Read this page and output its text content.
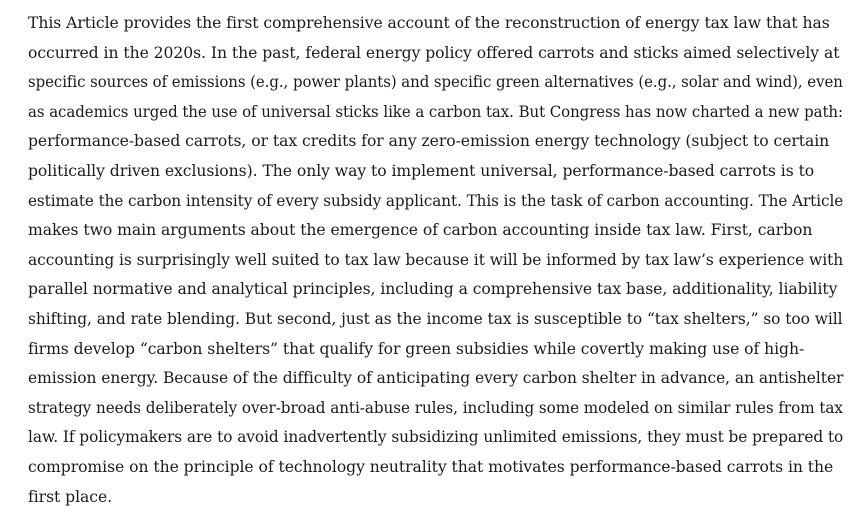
This Article provides the first comprehensive account of the reconstruction of energy tax law that has
occurred in the 2020s. In the past, federal energy policy offered carrots and sticks aimed selectively at
specific sources of emissions (e.g., power plants) and specific green alternatives (e.g., solar and wind), even
as academics urged the use of universal sticks like a carbon tax. But Congress has now charted a new path:
performance-based carrots, or tax credits for any zero-emission energy technology (subject to certain
politically driven exclusions). The only way to implement universal, performance-based carrots is to
estimate the carbon intensity of every subsidy applicant. This is the task of carbon accounting. The Article
makes two main arguments about the emergence of carbon accounting inside tax law. First, carbon
accounting is surprisingly well suited to tax law because it will be informed by tax law’s experience with
parallel normative and analytical principles, including a comprehensive tax base, additionality, liability
shifting, and rate blending. But second, just as the income tax is susceptible to “tax shelters,” so too will
firms develop “carbon shelters” that qualify for green subsidies while covertly making use of high-
emission energy. Because of the difficulty of anticipating every carbon shelter in advance, an antishelter
strategy needs deliberately over-broad anti-abuse rules, including some modeled on similar rules from tax
law. If policymakers are to avoid inadvertently subsidizing unlimited emissions, they must be prepared to
compromise on the principle of technology neutrality that motivates performance-based carrots in the
first place.
